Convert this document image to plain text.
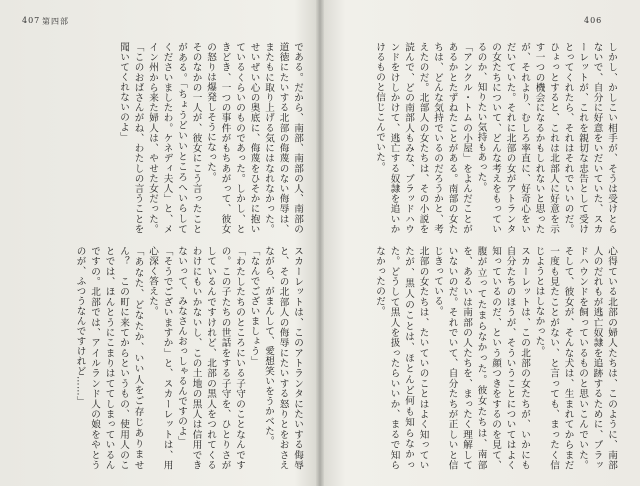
407 第四部	406

しかし、かしこい相手が、そうは受けとらないで、自分に好意をいだいていた、スカーレットが、これを親切な忠告として受けとってくれたら、それはそれでいいのだ。ひょっとすると、これは北部人に好意を示す一つの機会になるかもしれないと思ったが、それより、むしろ率直に、好奇心をいだいていた。それに北部の女がアトランタの女たちについて、どんな考えをもっているのか、知りたい気持もあった。

「アンクル・トムの小屋」をよんだことがあるかとたずねたことがある。南部の女たちは、どんな気持でいるのだろうかと、考えたのだ。北部人の女たちは、その小説を読んで、どの南部人もみな、ブラッドハウンドをけしかけて、逃亡する奴隷を追いかけるものと信じこんでいた。

心得ている北部の婦人たちは、このように、南部人のだれもが逃亡奴隷を追跡するために、ブラッドハウンドを飼っているものと思いこんでいた。そして、彼女が、そんな犬は、生まれてからまだ一度も見たことがない、と言っても、まったく信じようとはしなかった。

スカーレットは、この北部の女たちが、いかにも自分たちのほうが、そういうことについてはよく知っているのだ、という顔つきをするのを見て、腹が立ってたまらなかった。彼女たちは、南部を、あるいは南部の人たちを、まったく理解していないのだ。それでいて、自分たちが正しいと信じきっている。

北部の女たちは、たいていのことはよく知っていたが、黒人のことは、ほとんど何も知らなかった。どうして黒人を扱ったらいいか、まるで知らなかったのだ。

である。だから、南部、南部の人、南部の道徳にたいする北部の侮蔑のない侮辱は、またもに取り上げる気にはなれなかった。せいぜい心の奥底に、侮蔑をひそかに抱いているくらいのものであった。しかし、ときどき、一つの事件がもちあがって、彼女の怒りは爆発しそうになった。

そのなかの一人が、彼女にこう言ったことがある。「ちょうどいいところへいらしてくださいましたわ。ケネディ夫人」と、メイン州から来た婦人は、やせた女だった。「このおばさんがね、わたしの言うことを聞いてくれないのよ」

スカーレットは、このアトランタにたいする侮辱と、その北部人の侮辱にたいする怒りとをおさえながら、がまんして、愛想笑いをうかべた。

「なんでございましょう」

「わたしたちのところにいる子守のことなんですの。この子たちの世話をする子守を、ひとりさがしているんですけれど、北部の黒人をつれてくるわけにもいかないし、この土地の黒人は信用できないって、みなさんおっしゃるんですのよ」

「そうでございますか」と、スカーレットは、用心深く答えた。

「あなた、どなたか、いい人をご存じありません？　この町に来てからというもの、使用人のことでは、ほんとうにこまりはててしまっているんですの。北部では、アイルランド人の娘をやとうのが、ふつうなんですけれど……」
